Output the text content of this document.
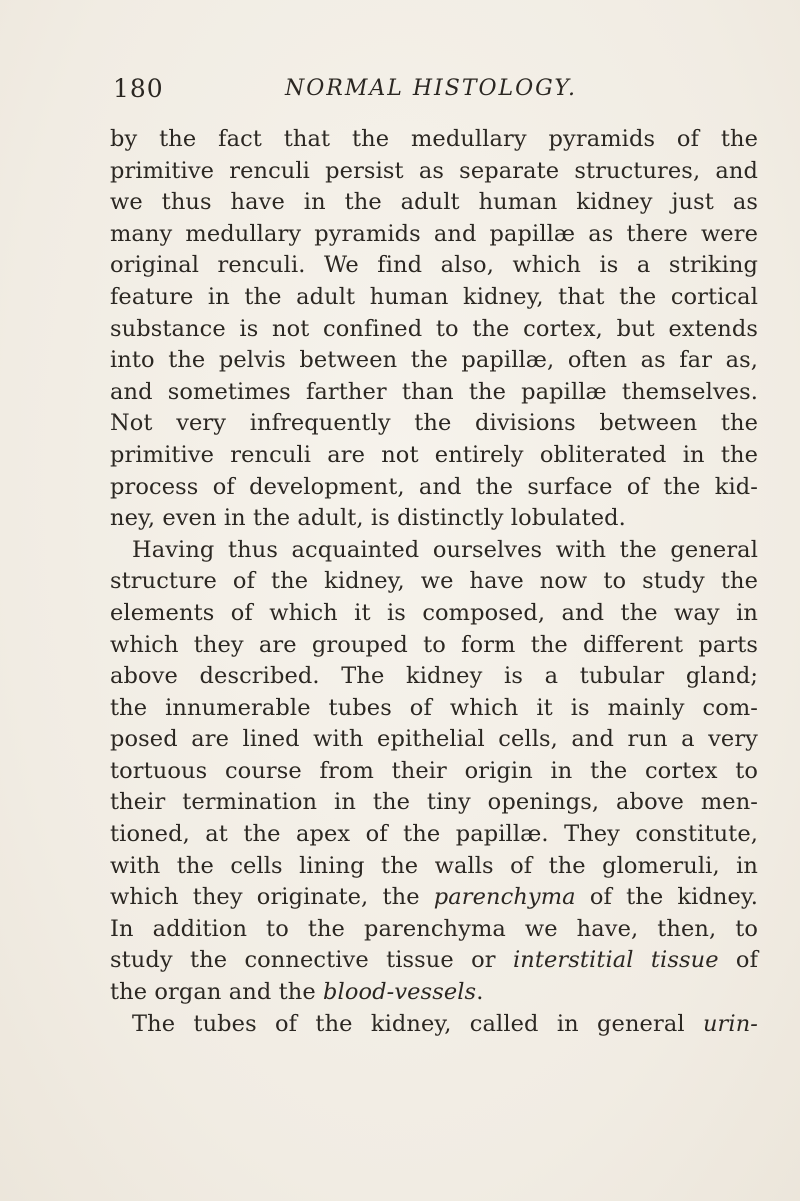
180	NORMAL HISTOLOGY.
by the fact that the medullary pyramids of the
primitive renculi persist as separate structures, and
we thus have in the adult human kidney just as
many medullary pyramids and papillæ as there were
original renculi. We find also, which is a striking
feature in the adult human kidney, that the cortical
substance is not confined to the cortex, but extends
into the pelvis between the papillæ, often as far as,
and sometimes farther than the papillæ themselves.
Not very infrequently the divisions between the
primitive renculi are not entirely obliterated in the
process of development, and the surface of the kid-
ney, even in the adult, is distinctly lobulated.
Having thus acquainted ourselves with the general
structure of the kidney, we have now to study the
elements of which it is composed, and the way in
which they are grouped to form the different parts
above described. The kidney is a tubular gland;
the innumerable tubes of which it is mainly com-
posed are lined with epithelial cells, and run a very
tortuous course from their origin in the cortex to
their termination in the tiny openings, above men-
tioned, at the apex of the papillæ. They constitute,
with the cells lining the walls of the glomeruli, in
which they originate, the parenchyma of the kidney.
In addition to the parenchyma we have, then, to
study the connective tissue or interstitial tissue of
the organ and the blood-vessels.
The tubes of the kidney, called in general urin-
